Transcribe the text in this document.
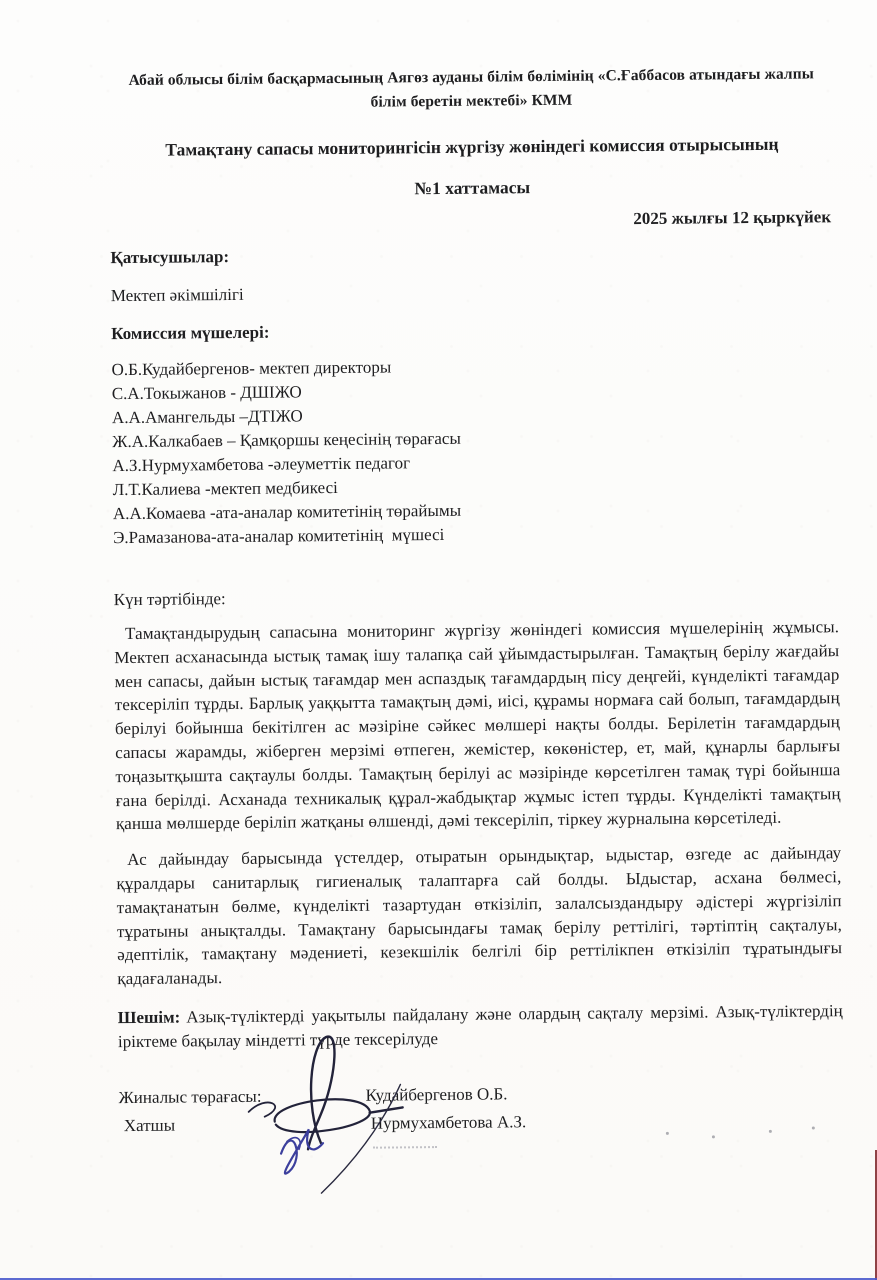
Абай облысы білім басқармасының Аягөз ауданы білім бөлімінің «С.Ғаббасов атындағы жалпы білім беретін мектебі» КММ
Тамақтану сапасы мониторингісін жүргізу жөніндегі комиссия отырысының
№1 хаттамасы
2025 жылғы 12 қыркүйек
Қатысушылар:
Мектеп әкімшілігі
Комиссия мүшелері:
О.Б.Кудайбергенов- мектеп директоры
С.А.Токыжанов - ДШІЖО
А.А.Амангельды –ДТІЖО
Ж.А.Калкабаев – Қамқоршы кеңесінің төрағасы
А.З.Нурмухамбетова -әлеуметтік педагог
Л.Т.Калиева -мектеп медбикесі
А.А.Комаева -ата-аналар комитетінің төрайымы
Э.Рамазанова-ата-аналар комитетінің  мүшесі
Күн тәртібінде:
Тамақтандырудың сапасына мониторинг жүргізу жөніндегі комиссия мүшелерінің жұмысы. Мектеп асханасында ыстық тамақ ішу талапқа сай ұйымдастырылған. Тамақтың берілу жағдайы мен сапасы, дайын ыстық тағамдар мен аспаздық тағамдардың пісу деңгейі, күнделікті тағамдар тексеріліп тұрды. Барлық уаққытта тамақтың дәмі, иісі, құрамы нормаға сай болып, тағамдардың берілуі бойынша бекітілген ас мәзіріне сәйкес мөлшері нақты болды. Берілетін тағамдардың сапасы жарамды, жіберген мерзімі өтпеген, жемістер, көкөністер, ет, май, құнарлы барлығы тоңазытқышта сақтаулы болды. Тамақтың берілуі ас мәзірінде көрсетілген тамақ түрі бойынша ғана берілді. Асханада техникалық құрал-жабдықтар жұмыс істеп тұрды. Күнделікті тамақтың қанша мөлшерде беріліп жатқаны өлшенді, дәмі тексеріліп, тіркеу журналына көрсетіледі.
Ас дайындау барысында үстелдер, отыратын орындықтар, ыдыстар, өзгеде ас дайындау құралдары санитарлық гигиеналық талаптарға сай болды. Ыдыстар, асхана бөлмесі, тамақтанатын бөлме, күнделікті тазартудан өткізіліп, залалсыздандыру әдістері жүргізіліп тұратыны анықталды. Тамақтану барысындағы тамақ берілу реттілігі, тәртіптің сақталуы, әдептілік, тамақтану мәдениеті, кезекшілік белгілі бір реттілікпен өткізіліп тұратындығы қадағаланады.
Шешім: Азық-түліктерді уақытылы пайдалану және олардың сақталу мерзімі. Азық-түліктердің іріктеме бақылау міндетті түрде тексерілуде
Жиналыс төрағасы:	Кудайбергенов О.Б.
Хатшы	Нурмухамбетова А.З.
